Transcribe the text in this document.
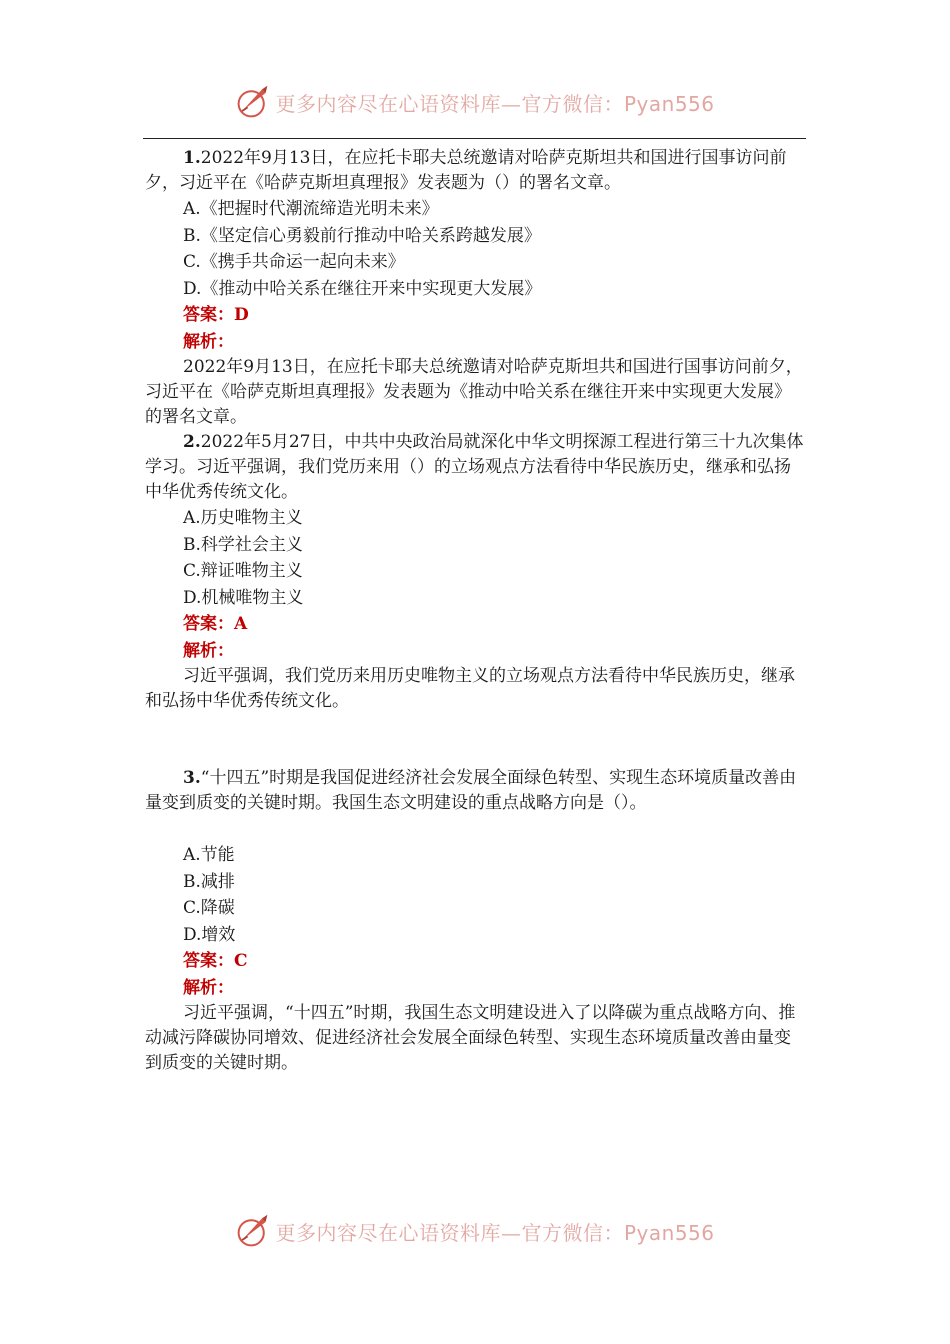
更多内容尽在心语资料库—官方微信：Pyan556

1.2022年9月13日，在应托卡耶夫总统邀请对哈萨克斯坦共和国进行国事访问前夕，习近平在《哈萨克斯坦真理报》发表题为（）的署名文章。

A.《把握时代潮流缔造光明未来》

B.《坚定信心勇毅前行推动中哈关系跨越发展》

C.《携手共命运一起向未来》

D.《推动中哈关系在继往开来中实现更大发展》

答案：D

解析：

2022年9月13日，在应托卡耶夫总统邀请对哈萨克斯坦共和国进行国事访问前夕，习近平在《哈萨克斯坦真理报》发表题为《推动中哈关系在继往开来中实现更大发展》的署名文章。

2.2022年5月27日，中共中央政治局就深化中华文明探源工程进行第三十九次集体学习。习近平强调，我们党历来用（）的立场观点方法看待中华民族历史，继承和弘扬中华优秀传统文化。

A.历史唯物主义

B.科学社会主义

C.辩证唯物主义

D.机械唯物主义

答案：A

解析：

习近平强调，我们党历来用历史唯物主义的立场观点方法看待中华民族历史，继承和弘扬中华优秀传统文化。

3.“十四五”时期是我国促进经济社会发展全面绿色转型、实现生态环境质量改善由量变到质变的关键时期。我国生态文明建设的重点战略方向是（）。

A.节能

B.减排

C.降碳

D.增效

答案：C

解析：

习近平强调，“十四五”时期，我国生态文明建设进入了以降碳为重点战略方向、推动减污降碳协同增效、促进经济社会发展全面绿色转型、实现生态环境质量改善由量变到质变的关键时期。

更多内容尽在心语资料库—官方微信：Pyan556
